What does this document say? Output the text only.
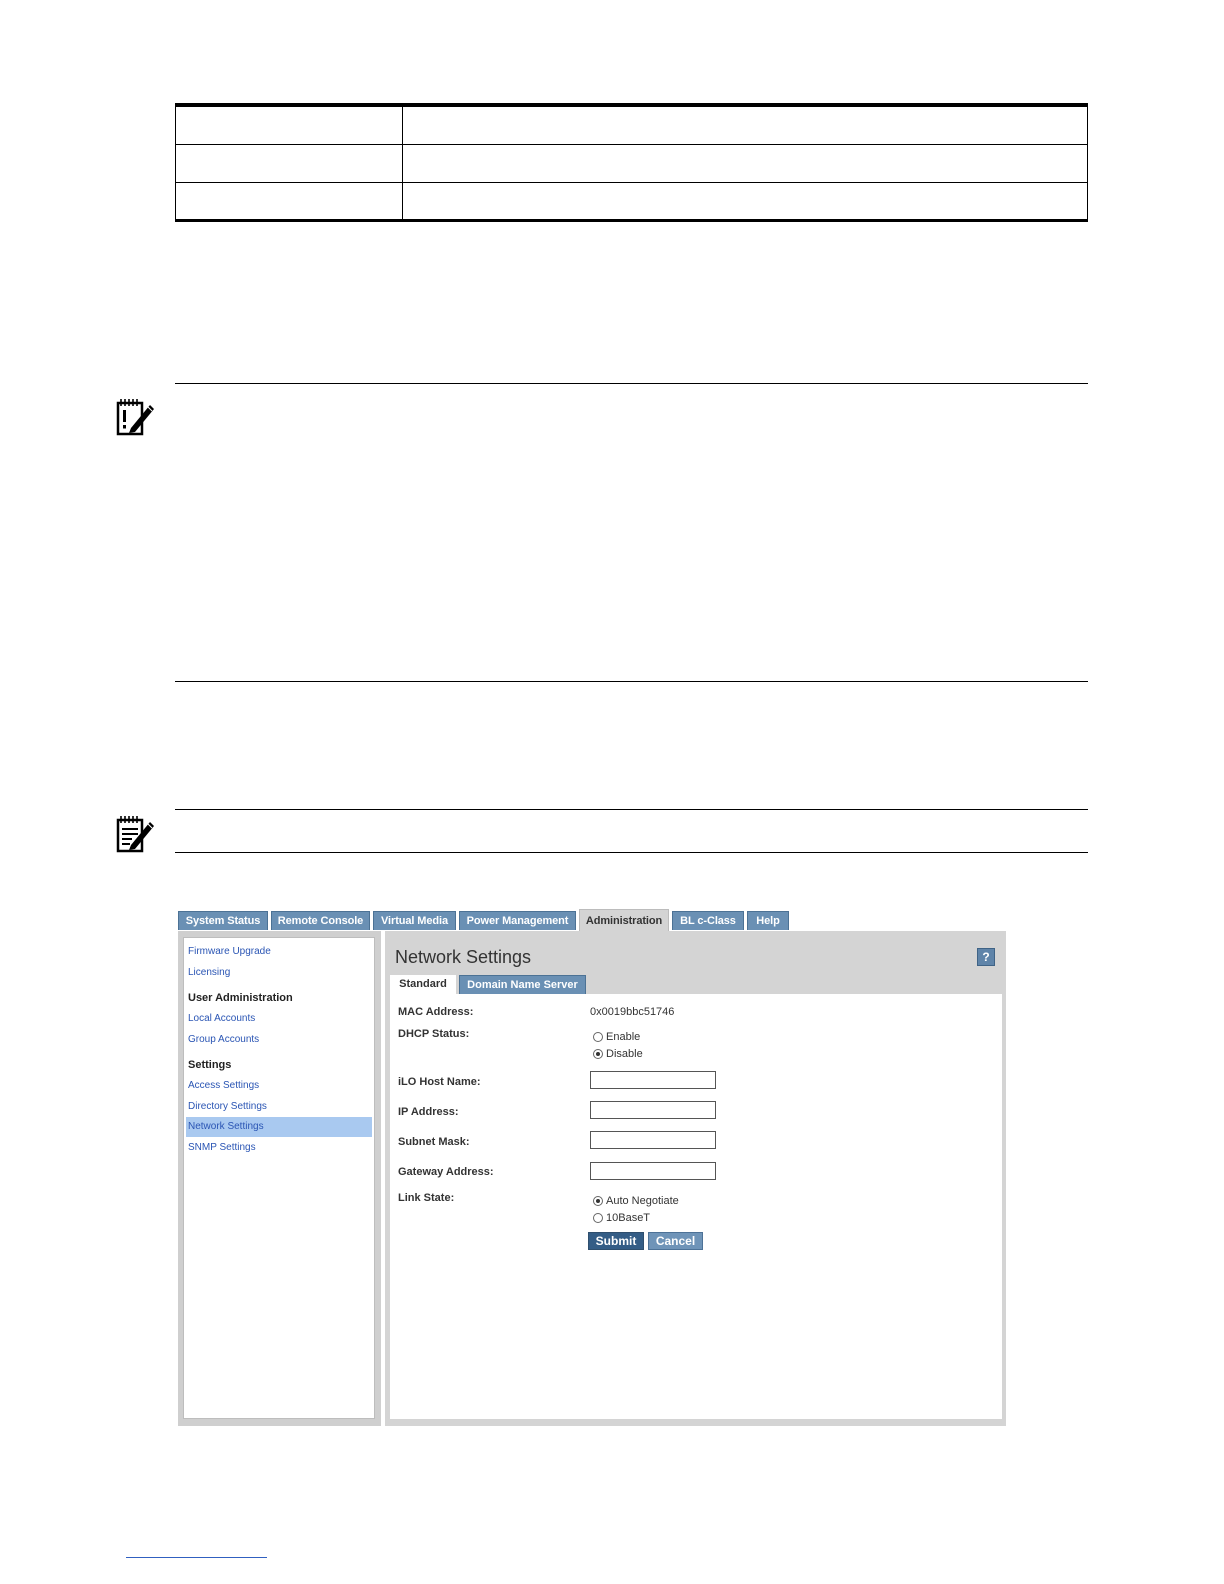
System Status	Remote Console	Virtual Media	Power Management	Administration	BL c-Class	Help
Firmware Upgrade
Licensing
User Administration
Local Accounts
Group Accounts
Settings
Access Settings
Directory Settings
Network Settings
SNMP Settings
Network Settings	?
Standard	Domain Name Server
MAC Address:	0x0019bbc51746
DHCP Status:	Enable
Disable
iLO Host Name:
IP Address:
Subnet Mask:
Gateway Address:
Link State:	Auto Negotiate
10BaseT
Submit	Cancel
